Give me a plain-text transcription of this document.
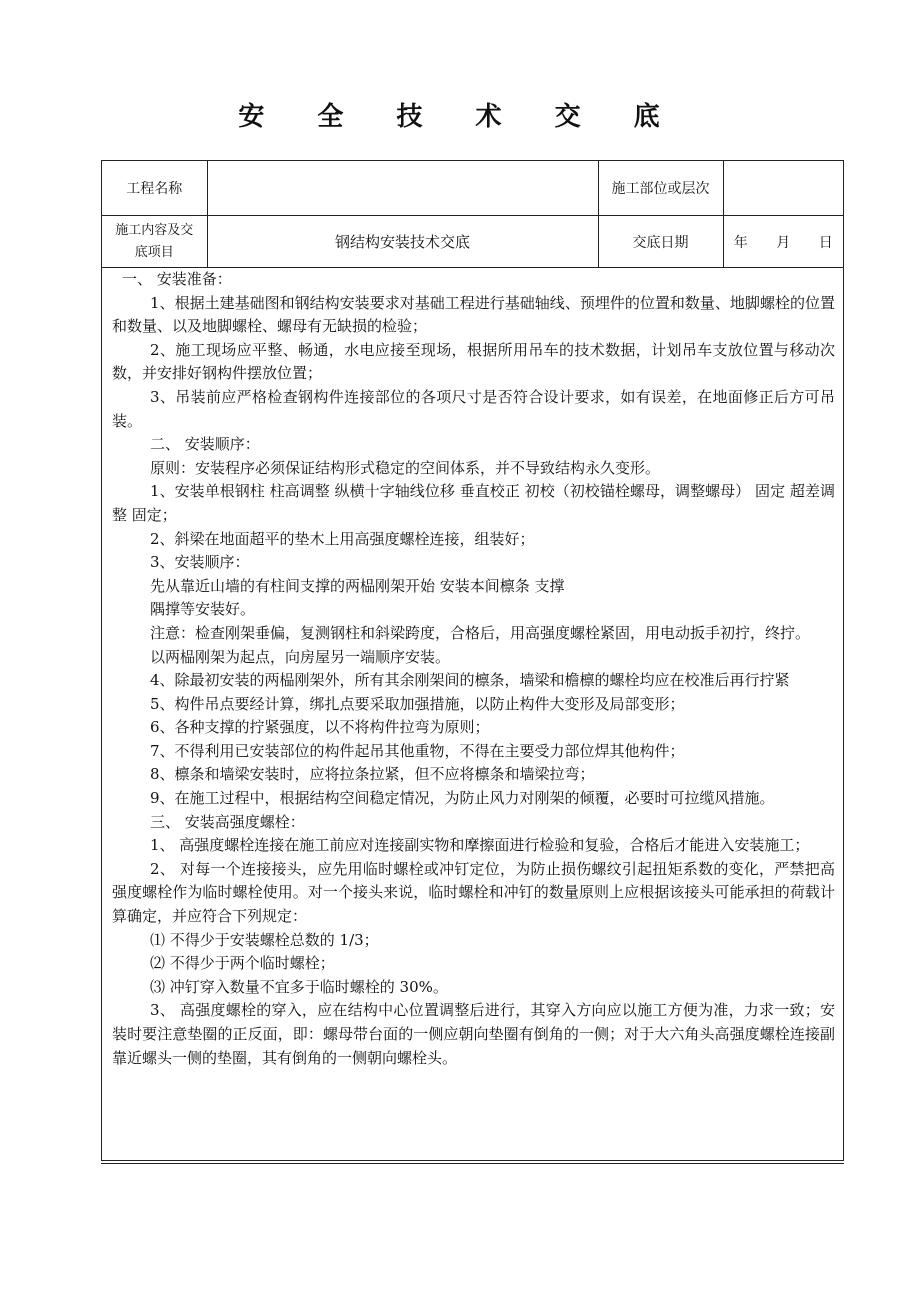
安 全 技 术 交 底
工程名称		施工部位或层次	
施工内容及交
底项目	钢结构安装技术交底	交底日期	年 月 日

一、 安装准备：

1、根据土建基础图和钢结构安装要求对基础工程进行基础轴线、预埋件的位置和数量、地脚螺栓的位置和数量、以及地脚螺栓、螺母有无缺损的检验；

2、施工现场应平整、畅通，水电应接至现场，根据所用吊车的技术数据，计划吊车支放位置与移动次数，并安排好钢构件摆放位置；

3、吊装前应严格检查钢构件连接部位的各项尺寸是否符合设计要求，如有误差，在地面修正后方可吊装。

二、 安装顺序：

原则：安装程序必须保证结构形式稳定的空间体系，并不导致结构永久变形。

1、安装单根钢柱 柱高调整 纵横十字轴线位移 垂直校正 初校（初校锚栓螺母，调整螺母） 固定 超差调整 固定；

2、斜梁在地面超平的垫木上用高强度螺栓连接，组装好；

3、安装顺序：

先从靠近山墙的有柱间支撑的两榀刚架开始 安装本间檩条 支撑

隅撑等安装好。

注意：检查刚架垂偏，复测钢柱和斜梁跨度，合格后，用高强度螺栓紧固，用电动扳手初拧，终拧。

以两榀刚架为起点，向房屋另一端顺序安装。

4、除最初安装的两榀刚架外，所有其余刚架间的檩条，墙梁和檐檩的螺栓均应在校准后再行拧紧

5、构件吊点要经计算，绑扎点要采取加强措施，以防止构件大变形及局部变形；

6、各种支撑的拧紧强度，以不将构件拉弯为原则；

7、不得利用已安装部位的构件起吊其他重物，不得在主要受力部位焊其他构件；

8、檩条和墙梁安装时，应将拉条拉紧，但不应将檩条和墙梁拉弯；

9、在施工过程中，根据结构空间稳定情况，为防止风力对刚架的倾覆，必要时可拉缆风措施。

三、 安装高强度螺栓：

1、 高强度螺栓连接在施工前应对连接副实物和摩擦面进行检验和复验，合格后才能进入安装施工；

2、 对每一个连接接头，应先用临时螺栓或冲钉定位，为防止损伤螺纹引起扭矩系数的变化，严禁把高强度螺栓作为临时螺栓使用。对一个接头来说，临时螺栓和冲钉的数量原则上应根据该接头可能承担的荷载计算确定，并应符合下列规定：

⑴ 不得少于安装螺栓总数的 1/3；

⑵ 不得少于两个临时螺栓；

⑶ 冲钉穿入数量不宜多于临时螺栓的 30%。

3、 高强度螺栓的穿入，应在结构中心位置调整后进行，其穿入方向应以施工方便为准，力求一致；安装时要注意垫圈的正反面，即：螺母带台面的一侧应朝向垫圈有倒角的一侧；对于大六角头高强度螺栓连接副靠近螺头一侧的垫圈，其有倒角的一侧朝向螺栓头。
